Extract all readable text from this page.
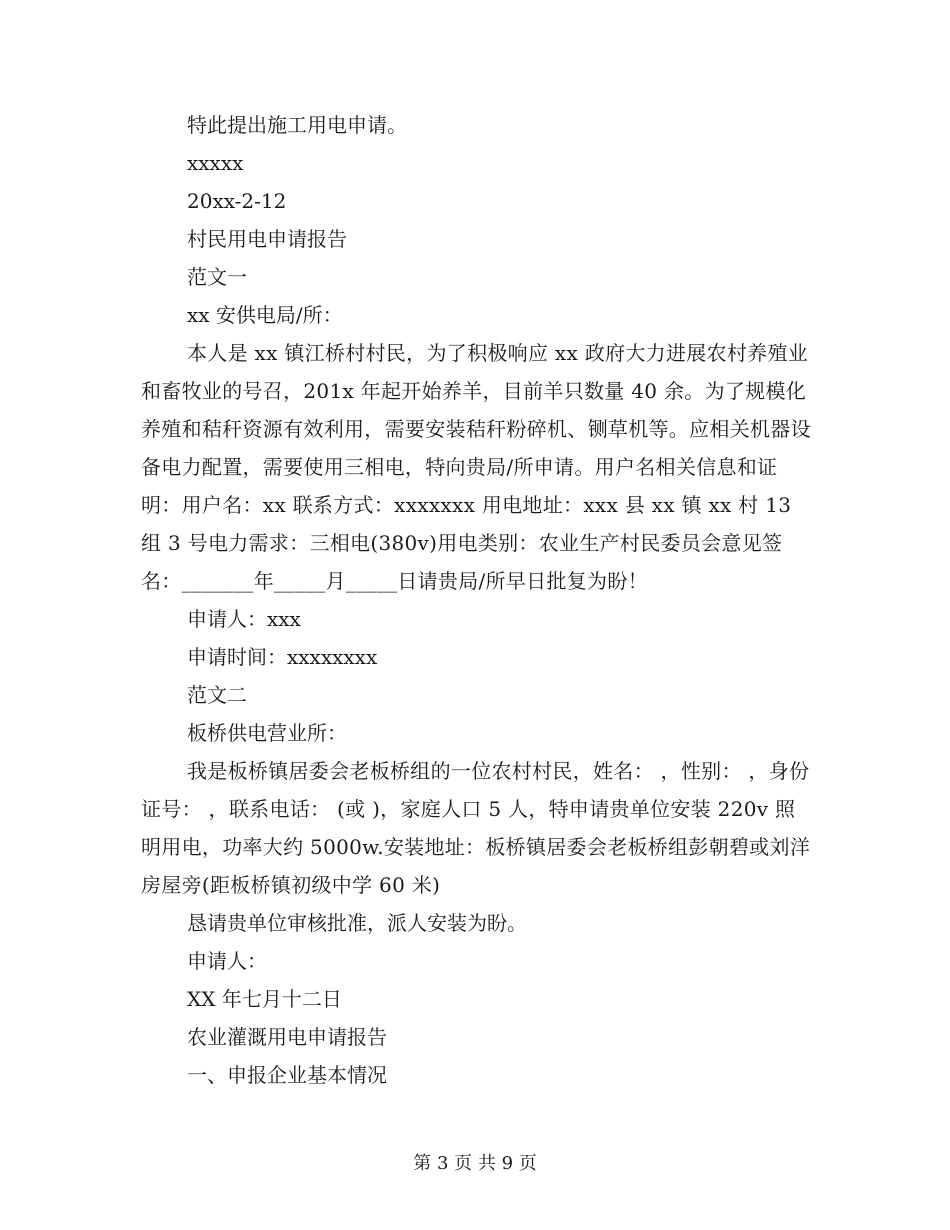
特此提出施工用电申请。

xxxxx

20xx-2-12

村民用电申请报告

范文一

xx 安供电局/所：

本人是 xx 镇江桥村村民，为了积极响应 xx 政府大力进展农村养殖业和畜牧业的号召，201x 年起开始养羊，目前羊只数量 40 余。为了规模化养殖和秸秆资源有效利用，需要安装秸秆粉碎机、铡草机等。应相关机器设备电力配置，需要使用三相电，特向贵局/所申请。用户名相关信息和证明：用户名：xx 联系方式：xxxxxxx 用电地址：xxx 县 xx 镇 xx 村 13 组 3 号电力需求：三相电(380v)用电类别：农业生产村民委员会意见签名：_______年_____月_____日请贵局/所早日批复为盼！

申请人：xxx

申请时间：xxxxxxxx

范文二

板桥供电营业所：

我是板桥镇居委会老板桥组的一位农村村民，姓名： ，性别： ，身份证号： ，联系电话： (或 )，家庭人口 5 人，特申请贵单位安装 220v 照明用电，功率大约 5000w.安装地址：板桥镇居委会老板桥组彭朝碧或刘洋房屋旁(距板桥镇初级中学 60 米)

恳请贵单位审核批准，派人安装为盼。

申请人：

XX 年七月十二日

农业灌溉用电申请报告

一、申报企业基本情况

第 3 页 共 9 页
